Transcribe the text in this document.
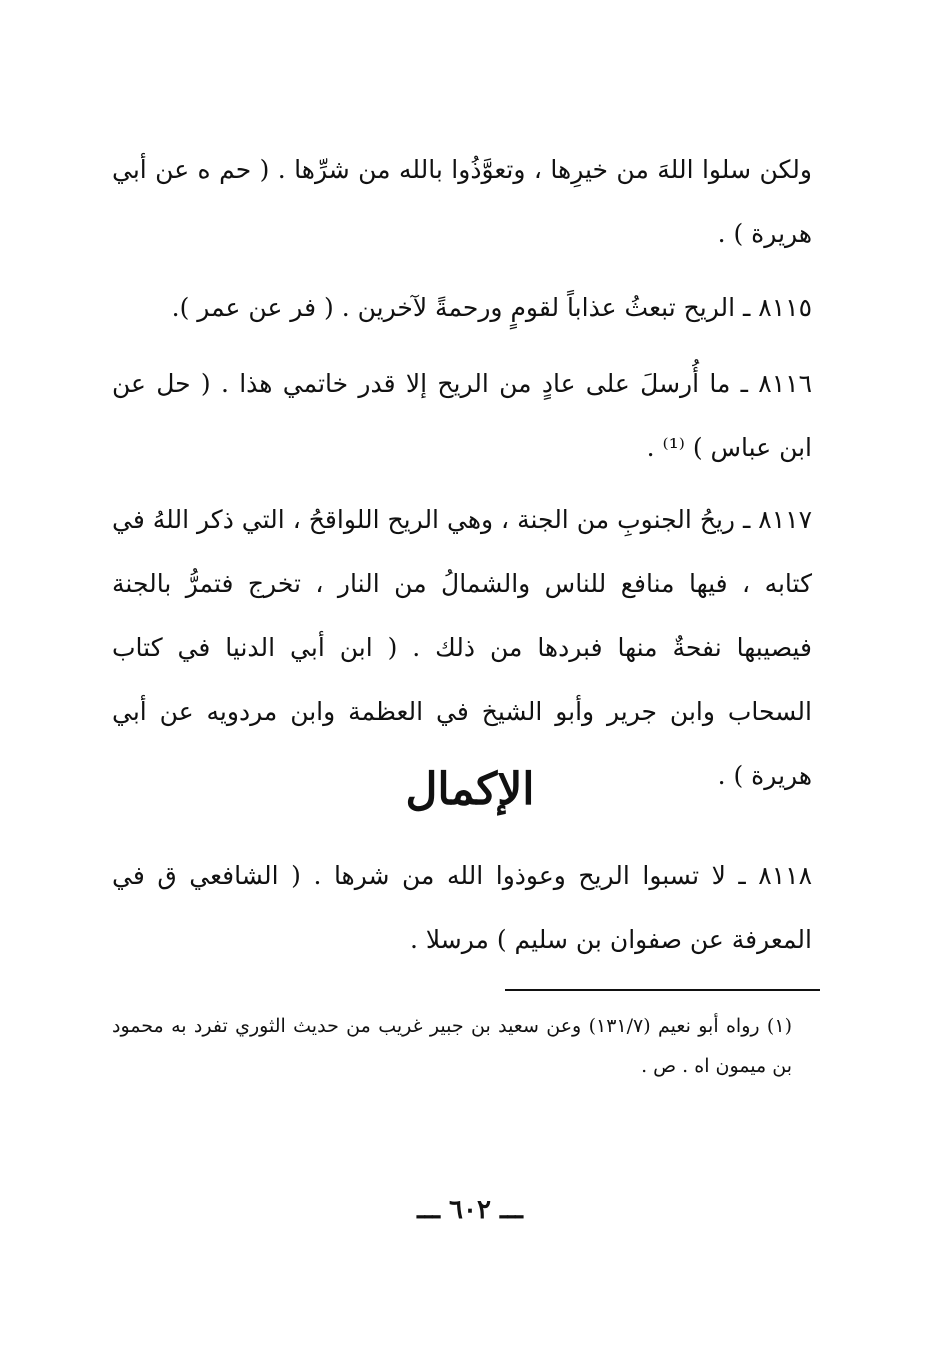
ولكن سلوا اللهَ من خيرِها ، وتعوَّذُوا بالله من شرِّها . ( حم ه عن أبي هريرة ) .

٨١١٥ ـ الريح تبعثُ عذاباً لقومٍ ورحمةً لآخرين . ( فر عن عمر ).

٨١١٦ ـ ما أُرسلَ على عادٍ من الريح إلا قدر خاتمي هذا . ( حل عن ابن عباس ) ⁽¹⁾ .

٨١١٧ ـ ريحُ الجنوبِ من الجنة ، وهي الريح اللواقحُ ، التي ذكر اللهُ في كتابه ، فيها منافع للناس والشمالُ من النار ، تخرج فتمرُّ بالجنة فيصيبها نفحةٌ منها فبردها من ذلك . ( ابن أبي الدنيا في كتاب السحاب وابن جرير وأبو الشيخ في العظمة وابن مردويه عن أبي هريرة ) .

الإكمال

٨١١٨ ـ لا تسبوا الريح وعوذوا الله من شرها . ( الشافعي ق في المعرفة عن صفوان بن سليم ) مرسلا .

(١) رواه أبو نعيم (١٣١/٧) وعن سعيد بن جبير غريب من حديث الثوري تفرد به محمود بن ميمون اه . ص .

ـــ ٦٠٢ ـــ
